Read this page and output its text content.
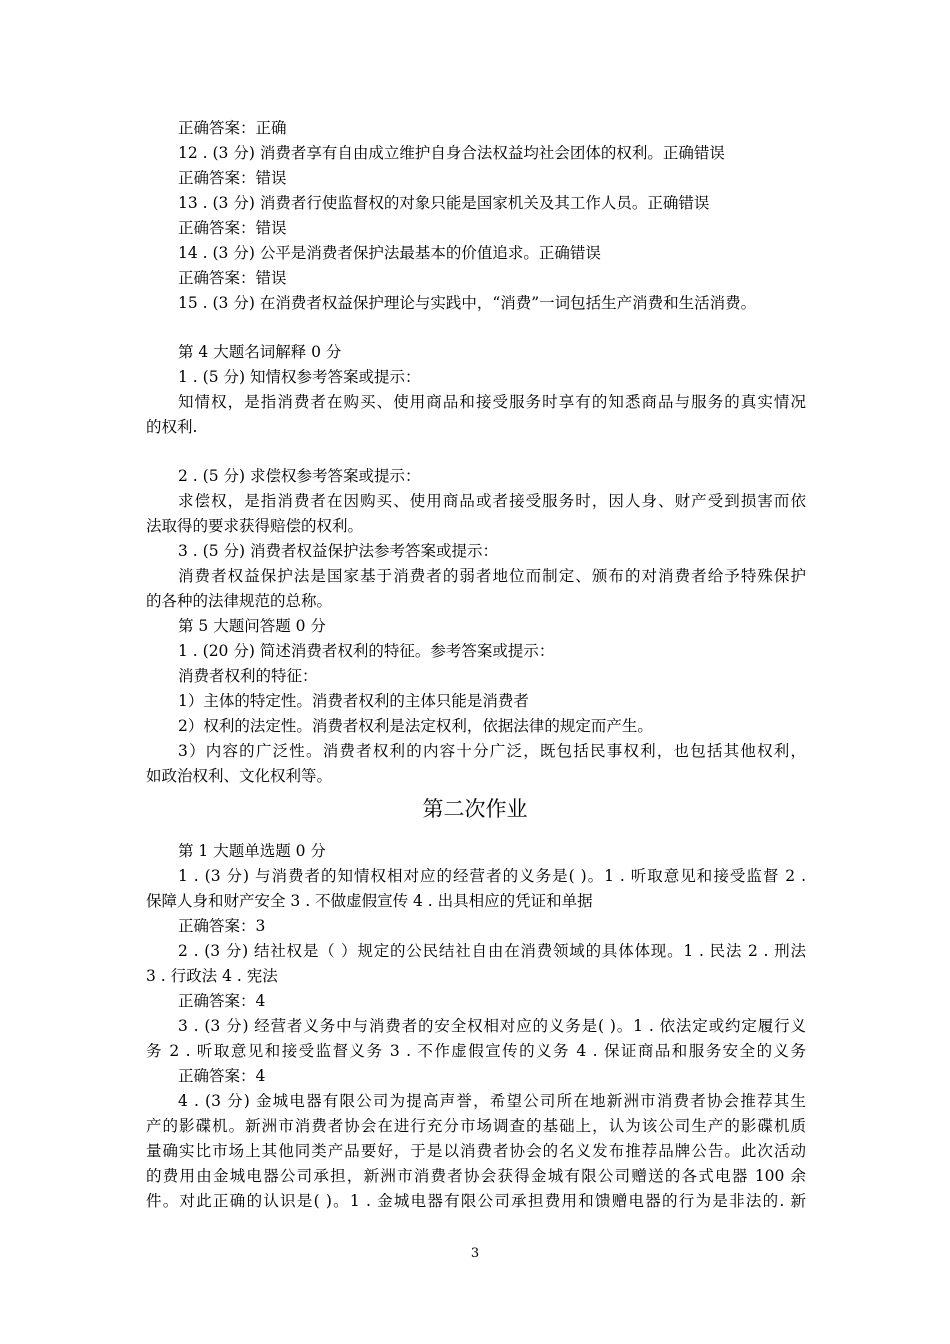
正确答案：正确
12 . (3 分) 消费者享有自由成立维护自身合法权益均社会团体的权利。正确错误
正确答案：错误
13 . (3 分) 消费者行使监督权的对象只能是国家机关及其工作人员。正确错误
正确答案：错误
14 . (3 分) 公平是消费者保护法最基本的价值追求。正确错误
正确答案：错误
15 . (3 分) 在消费者权益保护理论与实践中，“消费”一词包括生产消费和生活消费。
第 4 大题名词解释 0 分
1 . (5 分) 知情权参考答案或提示：
知情权，是指消费者在购买、使用商品和接受服务时享有的知悉商品与服务的真实情况
的权利.
2 . (5 分) 求偿权参考答案或提示：
求偿权，是指消费者在因购买、使用商品或者接受服务时，因人身、财产受到损害而依
法取得的要求获得赔偿的权利。
3 . (5 分) 消费者权益保护法参考答案或提示：
消费者权益保护法是国家基于消费者的弱者地位而制定、颁布的对消费者给予特殊保护
的各种的法律规范的总称。
第 5 大题问答题 0 分
1 . (20 分) 简述消费者权利的特征。参考答案或提示：
消费者权利的特征：
1）主体的特定性。消费者权利的主体只能是消费者
2）权利的法定性。消费者权利是法定权利，依据法律的规定而产生。
3）内容的广泛性。消费者权利的内容十分广泛，既包括民事权利，也包括其他权利，
如政治权利、文化权利等。
第二次作业
第 1 大题单选题 0 分
1 . (3 分) 与消费者的知情权相对应的经营者的义务是( )。1 . 听取意见和接受监督 2 .
保障人身和财产安全 3 . 不做虚假宣传 4 . 出具相应的凭证和单据
正确答案：3
2 . (3 分) 结社权是（ ）规定的公民结社自由在消费领域的具体体现。1 . 民法 2 . 刑法
3 . 行政法 4 . 宪法
正确答案：4
3 . (3 分) 经营者义务中与消费者的安全权相对应的义务是( )。1 . 依法定或约定履行义
务 2 . 听取意见和接受监督义务 3 . 不作虚假宣传的义务 4 . 保证商品和服务安全的义务
正确答案：4
4 . (3 分) 金城电器有限公司为提高声誉，希望公司所在地新洲市消费者协会推荐其生
产的影碟机。新洲市消费者协会在进行充分市场调查的基础上，认为该公司生产的影碟机质
量确实比市场上其他同类产品要好，于是以消费者协会的名义发布推荐品牌公告。此次活动
的费用由金城电器公司承担，新洲市消费者协会获得金城有限公司赠送的各式电器 100 余
件。对此正确的认识是( )。1 . 金城电器有限公司承担费用和馈赠电器的行为是非法的. 新
3
